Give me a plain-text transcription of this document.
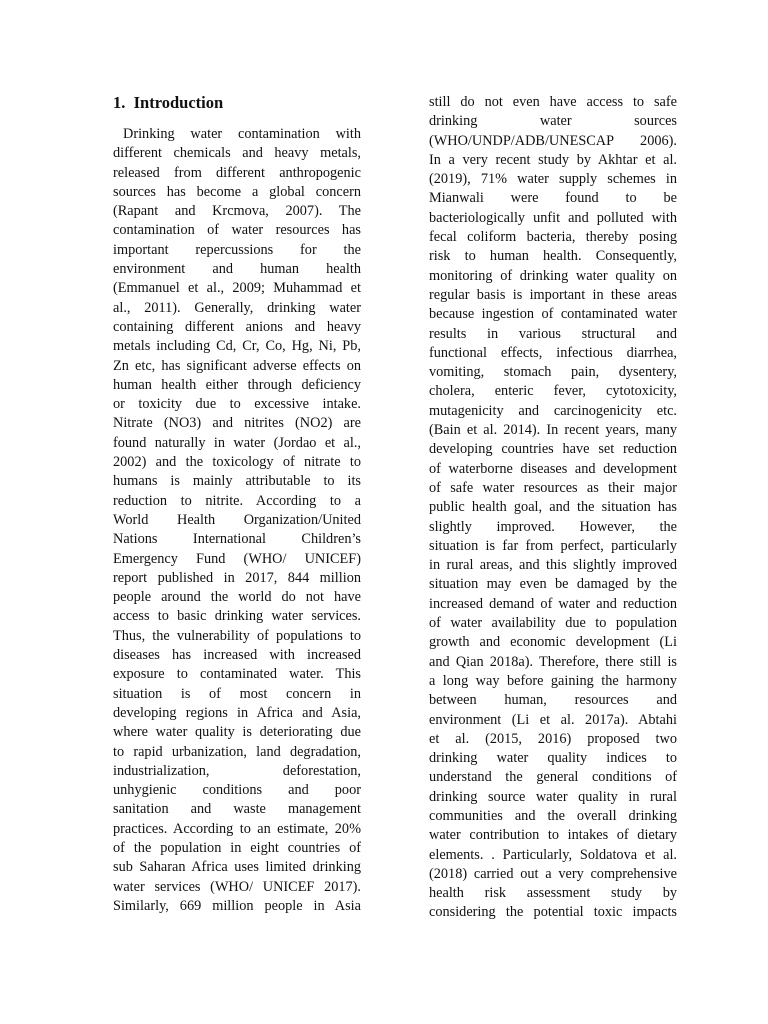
1. Introduction
Drinking water contamination with
different chemicals and heavy metals,
released from different anthropogenic
sources has become a global concern
(Rapant and Krcmova, 2007). The
contamination of water resources has
important repercussions for the
environment and human health
(Emmanuel et al., 2009; Muhammad et
al., 2011). Generally, drinking water
containing different anions and heavy
metals including Cd, Cr, Co, Hg, Ni, Pb,
Zn etc, has significant adverse effects on
human health either through deficiency
or toxicity due to excessive intake.
Nitrate (NO3) and nitrites (NO2) are
found naturally in water (Jordao et al.,
2002) and the toxicology of nitrate to
humans is mainly attributable to its
reduction to nitrite. According to a
World Health Organization/United
Nations International Children’s
Emergency Fund (WHO/ UNICEF)
report published in 2017, 844 million
people around the world do not have
access to basic drinking water services.
Thus, the vulnerability of populations to
diseases has increased with increased
exposure to contaminated water. This
situation is of most concern in
developing regions in Africa and Asia,
where water quality is deteriorating due
to rapid urbanization, land degradation,
industrialization, deforestation,
unhygienic conditions and poor
sanitation and waste management
practices. According to an estimate, 20%
of the population in eight countries of
sub Saharan Africa uses limited drinking
water services (WHO/ UNICEF 2017).
Similarly, 669 million people in Asia
still do not even have access to safe
drinking water sources
(WHO/UNDP/ADB/UNESCAP 2006).
In a very recent study by Akhtar et al.
(2019), 71% water supply schemes in
Mianwali were found to be
bacteriologically unfit and polluted with
fecal coliform bacteria, thereby posing
risk to human health. Consequently,
monitoring of drinking water quality on
regular basis is important in these areas
because ingestion of contaminated water
results in various structural and
functional effects, infectious diarrhea,
vomiting, stomach pain, dysentery,
cholera, enteric fever, cytotoxicity,
mutagenicity and carcinogenicity etc.
(Bain et al. 2014). In recent years, many
developing countries have set reduction
of waterborne diseases and development
of safe water resources as their major
public health goal, and the situation has
slightly improved. However, the
situation is far from perfect, particularly
in rural areas, and this slightly improved
situation may even be damaged by the
increased demand of water and reduction
of water availability due to population
growth and economic development (Li
and Qian 2018a). Therefore, there still is
a long way before gaining the harmony
between human, resources and
environment (Li et al. 2017a). Abtahi
et al. (2015, 2016) proposed two
drinking water quality indices to
understand the general conditions of
drinking source water quality in rural
communities and the overall drinking
water contribution to intakes of dietary
elements. . Particularly, Soldatova et al.
(2018) carried out a very comprehensive
health risk assessment study by
considering the potential toxic impacts
